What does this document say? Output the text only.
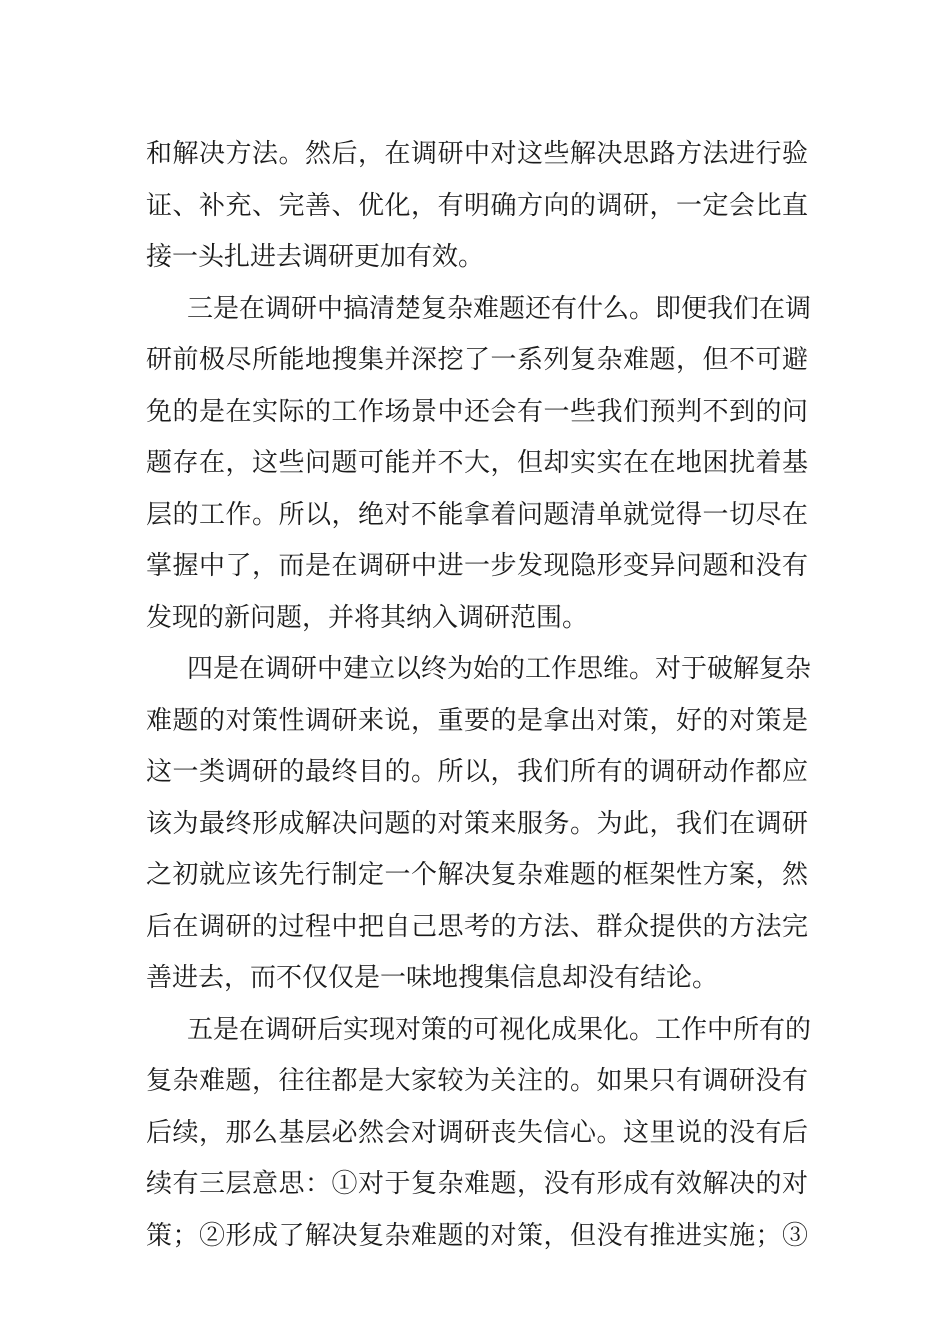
和解决方法。然后，在调研中对这些解决思路方法进行验
证、补充、完善、优化，有明确方向的调研，一定会比直
接一头扎进去调研更加有效。
三是在调研中搞清楚复杂难题还有什么。即便我们在调
研前极尽所能地搜集并深挖了一系列复杂难题，但不可避
免的是在实际的工作场景中还会有一些我们预判不到的问
题存在，这些问题可能并不大，但却实实在在地困扰着基
层的工作。所以，绝对不能拿着问题清单就觉得一切尽在
掌握中了，而是在调研中进一步发现隐形变异问题和没有
发现的新问题，并将其纳入调研范围。
四是在调研中建立以终为始的工作思维。对于破解复杂
难题的对策性调研来说，重要的是拿出对策，好的对策是
这一类调研的最终目的。所以，我们所有的调研动作都应
该为最终形成解决问题的对策来服务。为此，我们在调研
之初就应该先行制定一个解决复杂难题的框架性方案，然
后在调研的过程中把自己思考的方法、群众提供的方法完
善进去，而不仅仅是一味地搜集信息却没有结论。
五是在调研后实现对策的可视化成果化。工作中所有的
复杂难题，往往都是大家较为关注的。如果只有调研没有
后续，那么基层必然会对调研丧失信心。这里说的没有后
续有三层意思：①对于复杂难题，没有形成有效解决的对
策；②形成了解决复杂难题的对策，但没有推进实施；③
